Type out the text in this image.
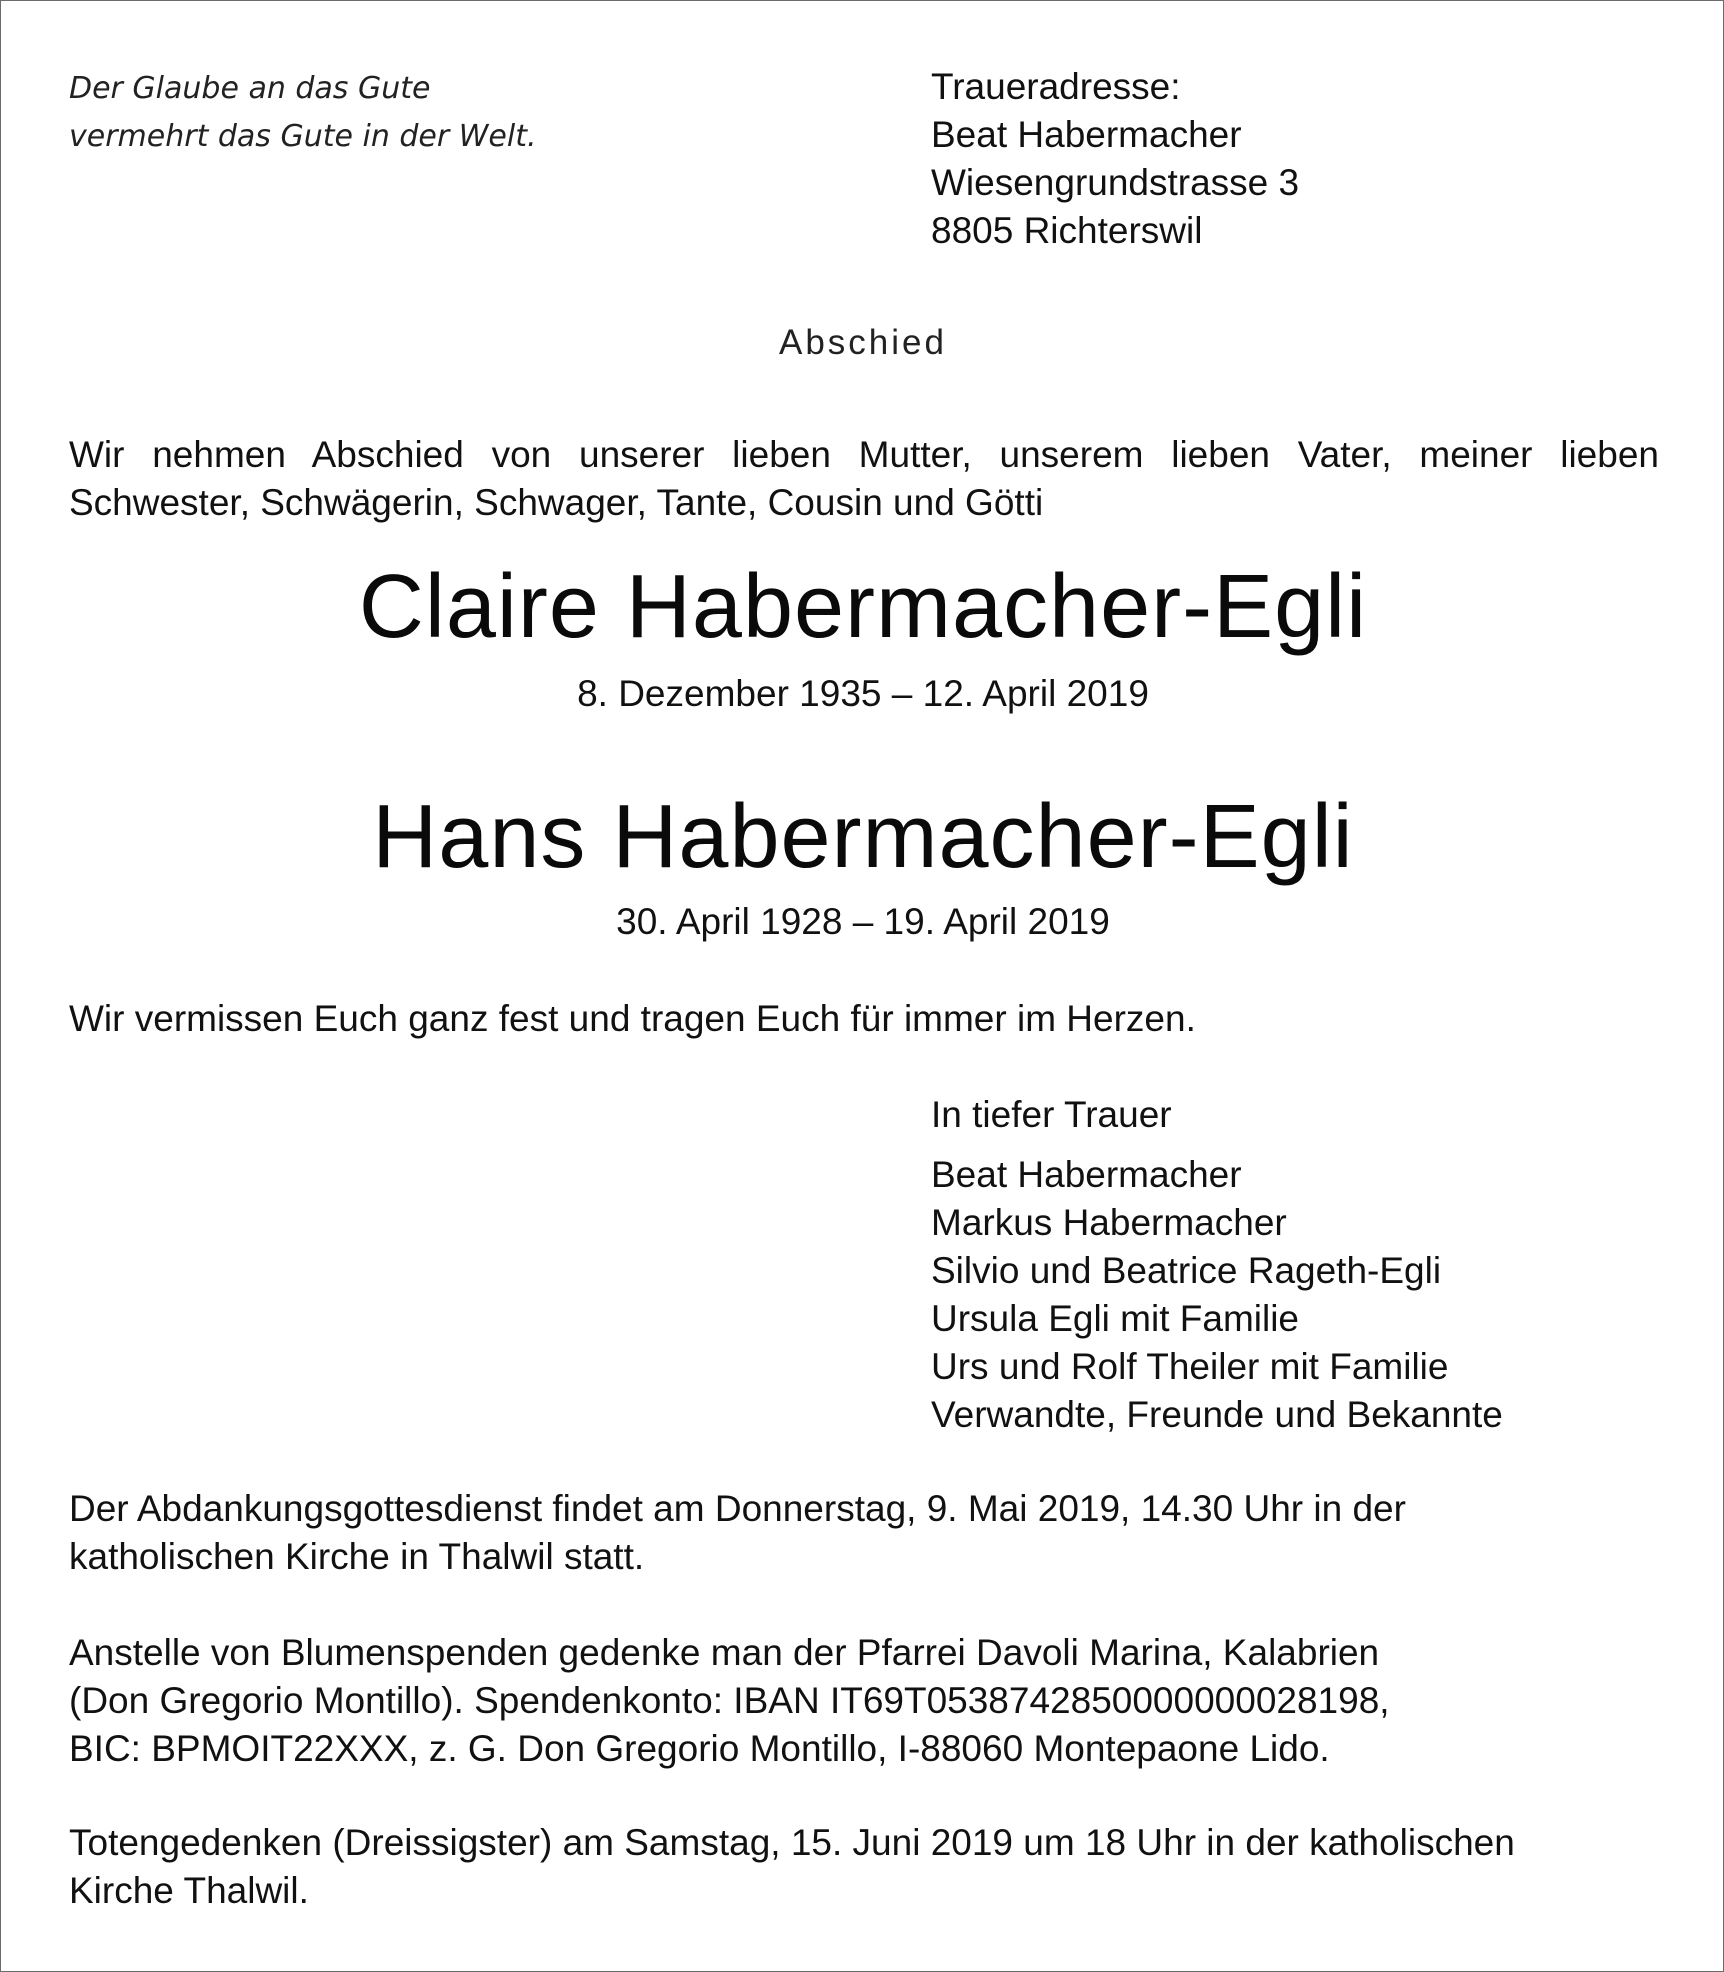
Der Glaube an das Gute
vermehrt das Gute in der Welt.
Traueradresse:
Beat Habermacher
Wiesengrundstrasse 3
8805 Richterswil
Abschied
Wir nehmen Abschied von unserer lieben Mutter, unserem lieben Vater, meiner lieben
Schwester, Schwägerin, Schwager, Tante, Cousin und Götti
Claire Habermacher-Egli
8. Dezember 1935 – 12. April 2019
Hans Habermacher-Egli
30. April 1928 – 19. April 2019
Wir vermissen Euch ganz fest und tragen Euch für immer im Herzen.
In tiefer Trauer
Beat Habermacher
Markus Habermacher
Silvio und Beatrice Rageth-Egli
Ursula Egli mit Familie
Urs und Rolf Theiler mit Familie
Verwandte, Freunde und Bekannte
Der Abdankungsgottesdienst findet am Donnerstag, 9. Mai 2019, 14.30 Uhr in der
katholischen Kirche in Thalwil statt.
Anstelle von Blumenspenden gedenke man der Pfarrei Davoli Marina, Kalabrien
(Don Gregorio Montillo). Spendenkonto: IBAN IT69T0538742850000000028198,
BIC: BPMOIT22XXX, z. G. Don Gregorio Montillo, I-88060 Montepaone Lido.
Totengedenken (Dreissigster) am Samstag, 15. Juni 2019 um 18 Uhr in der katholischen
Kirche Thalwil.
